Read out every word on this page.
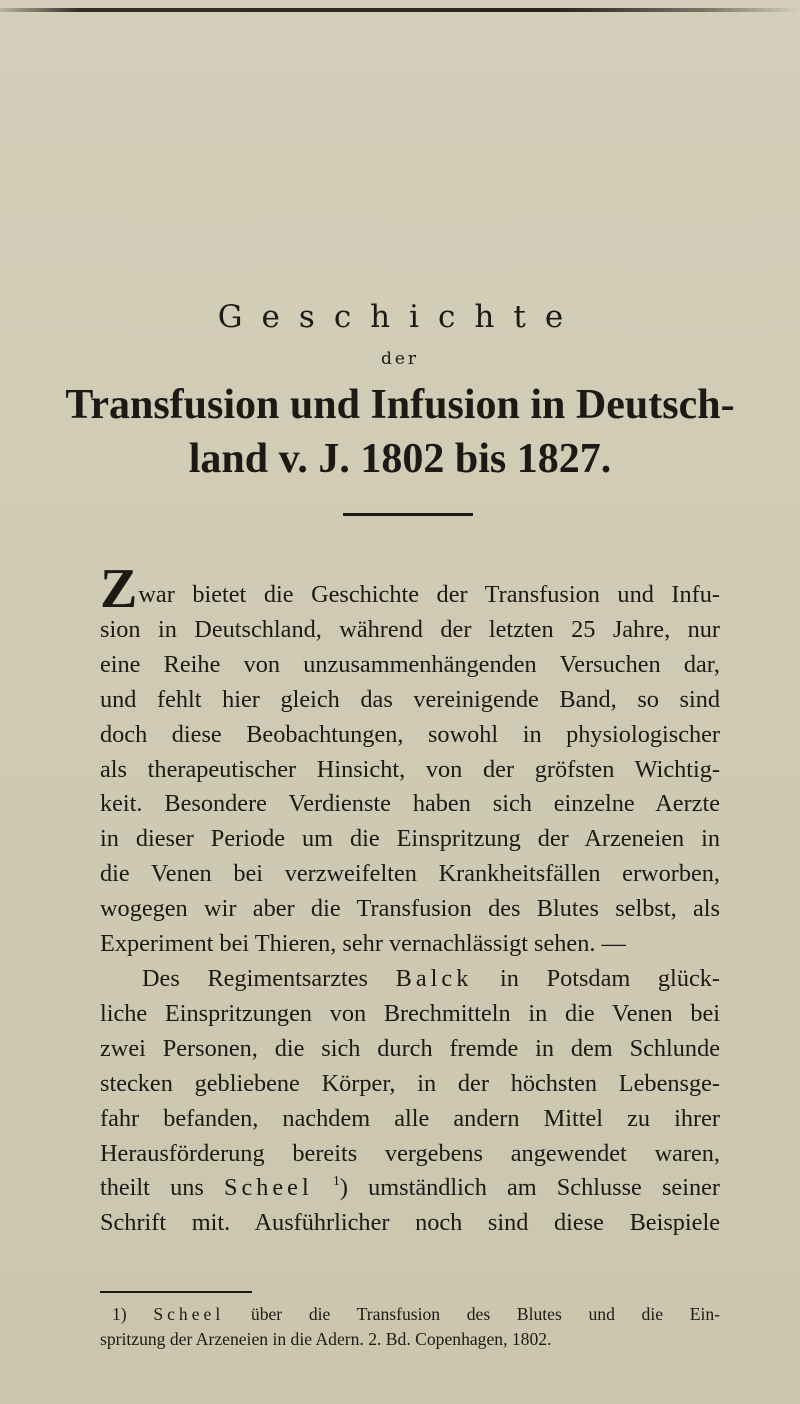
Geschichte
der
Transfusion und Infusion in Deutsch-
land v. J. 1802 bis 1827.
Zwar bietet die Geschichte der Transfusion und Infu-
sion in Deutschland, während der letzten 25 Jahre, nur
eine Reihe von unzusammenhängenden Versuchen dar,
und fehlt hier gleich das vereinigende Band, so sind
doch diese Beobachtungen, sowohl in physiologischer
als therapeutischer Hinsicht, von der gröfsten Wichtig-
keit. Besondere Verdienste haben sich einzelne Aerzte
in dieser Periode um die Einspritzung der Arzeneien in
die Venen bei verzweifelten Krankheitsfällen erworben,
wogegen wir aber die Transfusion des Blutes selbst, als
Experiment bei Thieren, sehr vernachlässigt sehen. —
Des Regimentsarztes Balck in Potsdam glück-
liche Einspritzungen von Brechmitteln in die Venen bei
zwei Personen, die sich durch fremde in dem Schlunde
stecken gebliebene Körper, in der höchsten Lebensge-
fahr befanden, nachdem alle andern Mittel zu ihrer
Herausförderung bereits vergebens angewendet waren,
theilt uns Scheel $^1$) umständlich am Schlusse seiner
Schrift mit. Ausführlicher noch sind diese Beispiele
1) Scheel über die Transfusion des Blutes und die Ein-
spritzung der Arzeneien in die Adern. 2. Bd. Copenhagen, 1802.
